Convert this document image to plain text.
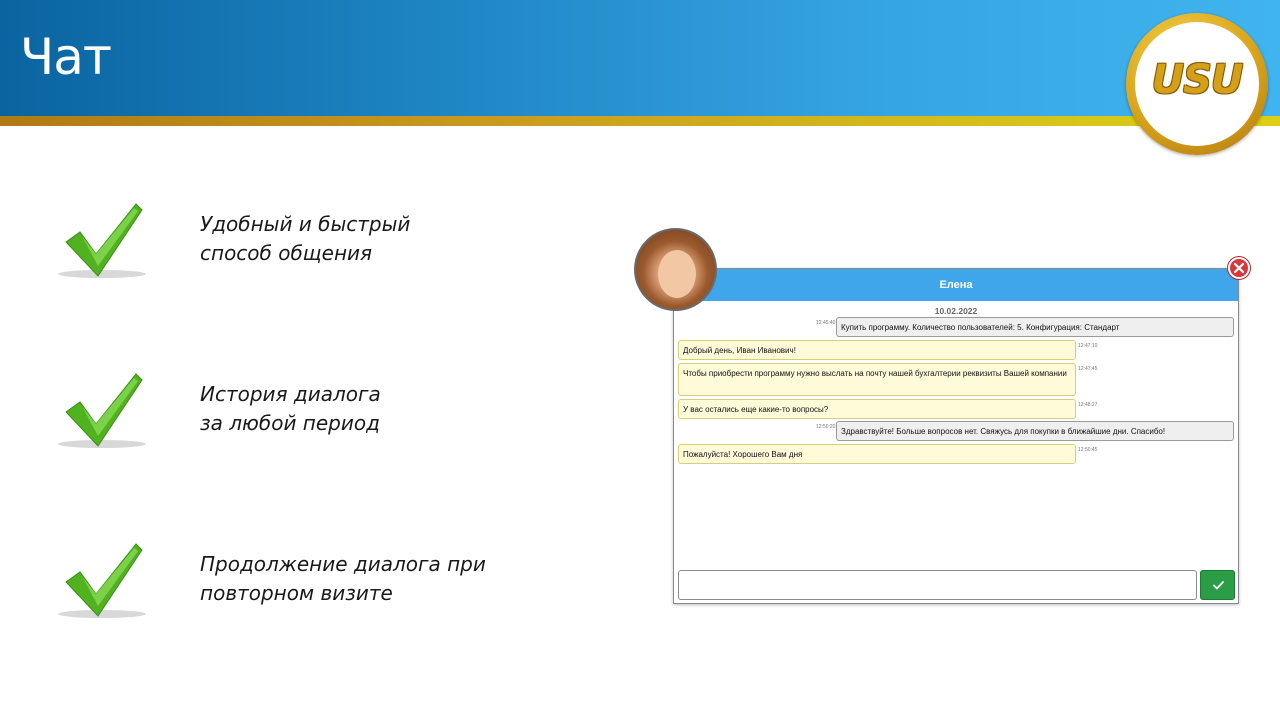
Чат	USU
Удобный и быстрый
способ общения
История диалога
за любой период
Продолжение диалога при
повторном визите
Елена
10.02.2022
12:45:40 Купить программу. Количество пользователей: 5. Конфигурация: Стандарт
Добрый день, Иван Иванович!	12:47:10
Чтобы приобрести программу нужно выслать на почту нашей бухгалтерии реквизиты Вашей компании	12:47:45
У вас остались еще какие-то вопросы?	12:48:27
12:50:20 Здравствуйте! Больше вопросов нет. Свяжусь для покупки в ближайшие дни. Спасибо!
Пожалуйста! Хорошего Вам дня	12:50:45
